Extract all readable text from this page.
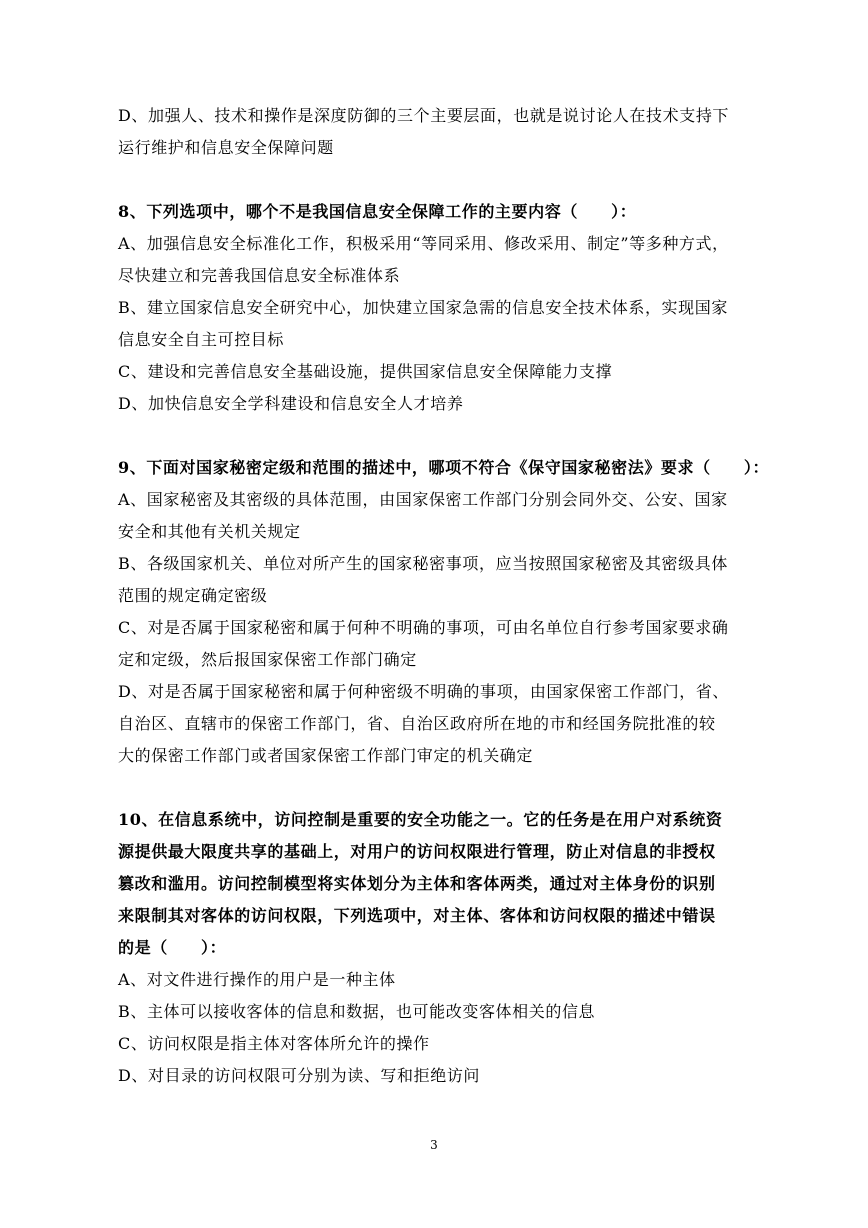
D、加强人、技术和操作是深度防御的三个主要层面，也就是说讨论人在技术支持下
运行维护和信息安全保障问题
8、下列选项中，哪个不是我国信息安全保障工作的主要内容（　　）：
A、加强信息安全标准化工作，积极采用“等同采用、修改采用、制定”等多种方式，
尽快建立和完善我国信息安全标准体系
B、建立国家信息安全研究中心，加快建立国家急需的信息安全技术体系，实现国家
信息安全自主可控目标
C、建设和完善信息安全基础设施，提供国家信息安全保障能力支撑
D、加快信息安全学科建设和信息安全人才培养
9、下面对国家秘密定级和范围的描述中，哪项不符合《保守国家秘密法》要求（　　）：
A、国家秘密及其密级的具体范围，由国家保密工作部门分别会同外交、公安、国家
安全和其他有关机关规定
B、各级国家机关、单位对所产生的国家秘密事项，应当按照国家秘密及其密级具体
范围的规定确定密级
C、对是否属于国家秘密和属于何种不明确的事项，可由名单位自行参考国家要求确
定和定级，然后报国家保密工作部门确定
D、对是否属于国家秘密和属于何种密级不明确的事项，由国家保密工作部门，省、
自治区、直辖市的保密工作部门，省、自治区政府所在地的市和经国务院批准的较
大的保密工作部门或者国家保密工作部门审定的机关确定
10、在信息系统中，访问控制是重要的安全功能之一。它的任务是在用户对系统资
源提供最大限度共享的基础上，对用户的访问权限进行管理，防止对信息的非授权
篡改和滥用。访问控制模型将实体划分为主体和客体两类，通过对主体身份的识别
来限制其对客体的访问权限，下列选项中，对主体、客体和访问权限的描述中错误
的是（　　）：
A、对文件进行操作的用户是一种主体
B、主体可以接收客体的信息和数据，也可能改变客体相关的信息
C、访问权限是指主体对客体所允许的操作
D、对目录的访问权限可分别为读、写和拒绝访问
3
